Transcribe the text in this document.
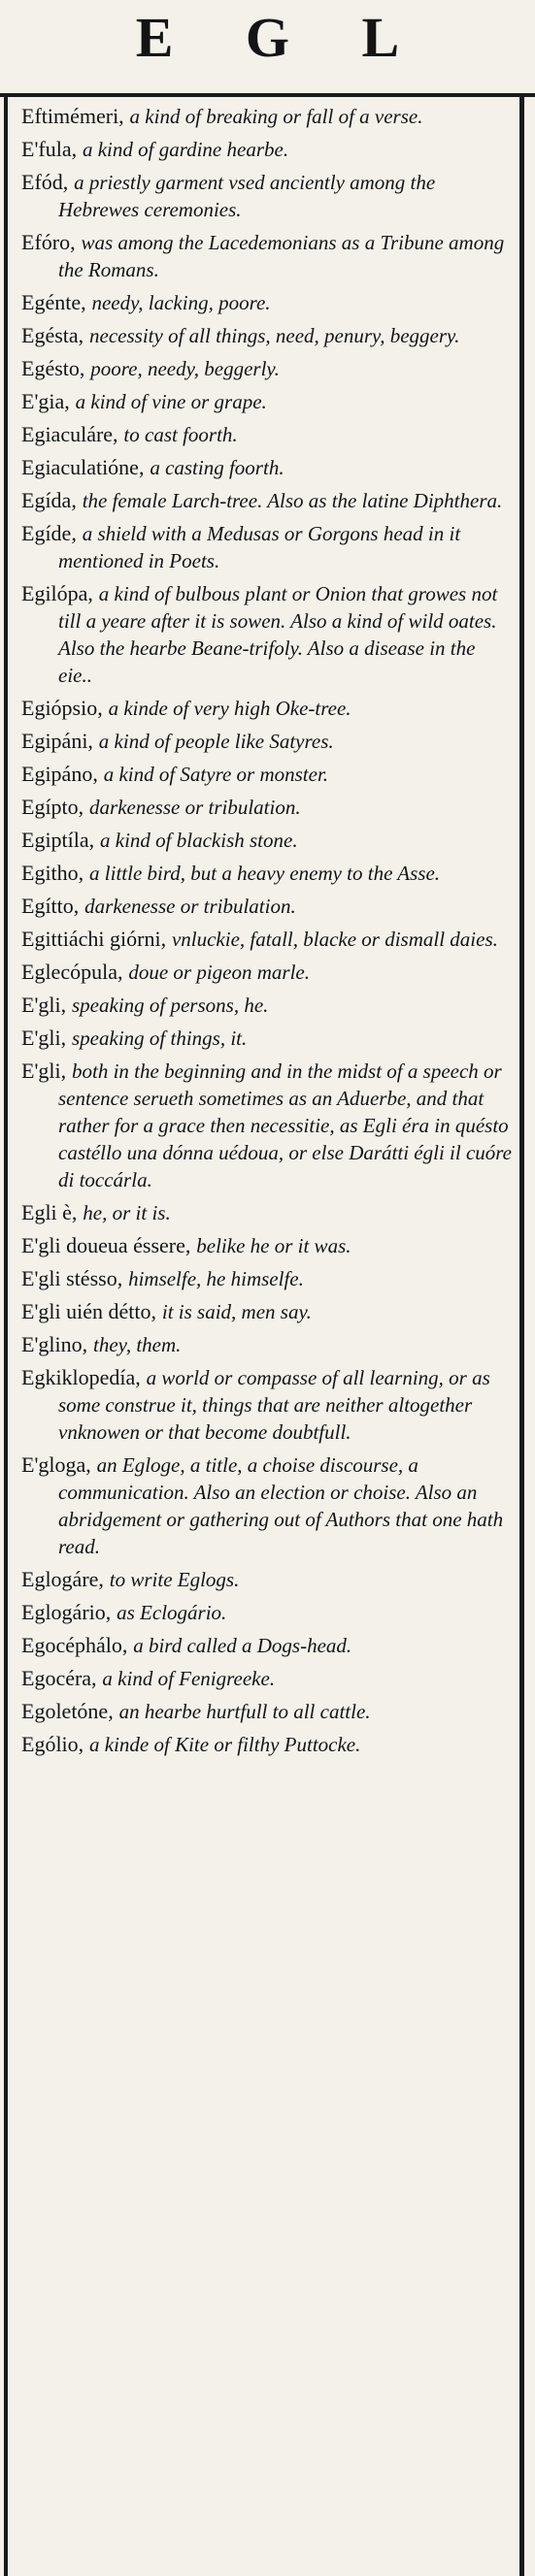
E G L
Eftimémeri, a kind of breaking or fall of a verse.
E'fula, a kind of gardine hearbe.
Efód, a priestly garment vsed anciently among the Hebrewes ceremonies.
Efóro, was among the Lacedemonians as a Tribune among the Romans.
Egénte, needy, lacking, poore.
Egésta, necessity of all things, need, penury, beggery.
Egésto, poore, needy, beggerly.
E'gia, a kind of vine or grape.
Egiaculáre, to cast foorth.
Egiaculatióne, a casting foorth.
Egída, the female Larch-tree. Also as the latine Diphthera.
Egíde, a shield with a Medusas or Gorgons head in it mentioned in Poets.
Egilópa, a kind of bulbous plant or Onion that growes not till a yeare after it is sowen. Also a kind of wild oates. Also the hearbe Beane-trifoly. Also a disease in the eie..
Egiópsio, a kinde of very high Oke-tree.
Egipáni, a kind of people like Satyres.
Egipáno, a kind of Satyre or monster.
Egípto, darkenesse or tribulation.
Egiptíla, a kind of blackish stone.
Egitho, a little bird, but a heavy enemy to the Asse.
Egítto, darkenesse or tribulation.
Egittiáchi giórni, vnluckie, fatall, blacke or dismall daies.
Eglecópula, doue or pigeon marle.
E'gli, speaking of persons, he.
E'gli, speaking of things, it.
E'gli, both in the beginning and in the midst of a speech or sentence serueth sometimes as an Aduerbe, and that rather for a grace then necessitie, as Egli éra in quésto castéllo una dónna uédoua, or else Darátti égli il cuóre di toccárla.
Egli è, he, or it is.
E'gli doueua éssere, belike he or it was.
E'gli stésso, himselfe, he himselfe.
E'gli uién détto, it is said, men say.
E'glino, they, them.
Egkiklopedía, a world or compasse of all learning, or as some construe it, things that are neither altogether vnknowen or that become doubtfull.
E'gloga, an Egloge, a title, a choise discourse, a communication. Also an election or choise. Also an abridgement or gathering out of Authors that one hath read.
Eglogáre, to write Eglogs.
Eglogário, as Eclogário.
Egocéphálo, a bird called a Dogs-head.
Egocéra, a kind of Fenigreeke.
Egoletóne, an hearbe hurtfull to all cattle.
Ególio, a kinde of Kite or filthy Puttocke.
